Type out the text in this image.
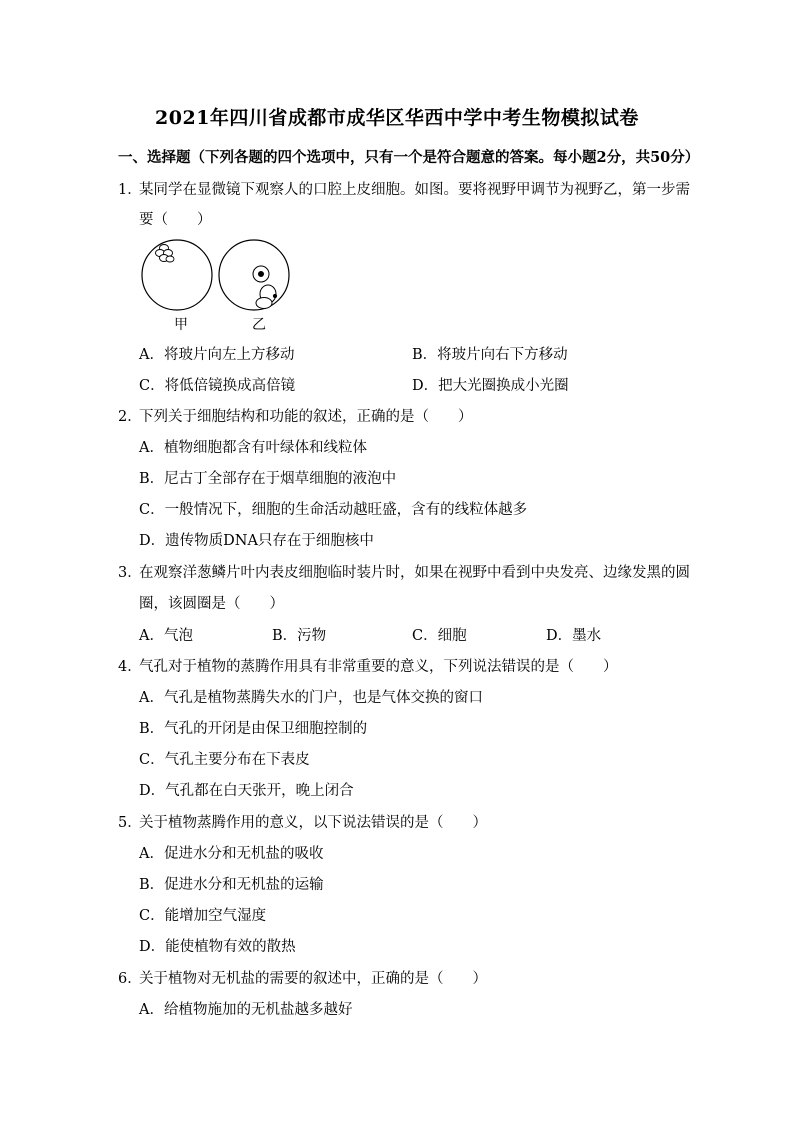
2021年四川省成都市成华区华西中学中考生物模拟试卷
一、选择题（下列各题的四个选项中，只有一个是符合题意的答案。每小题2分，共50分）
1．
某同学在显微镜下观察人的口腔上皮细胞。如图。要将视野甲调节为视野乙，第一步需
要（　　）
甲	乙
A．将玻片向左上方移动	B．将玻片向右下方移动
C．将低倍镜换成高倍镜	D．把大光圈换成小光圈
2．
下列关于细胞结构和功能的叙述，正确的是（　　）
A．植物细胞都含有叶绿体和线粒体
B．尼古丁全部存在于烟草细胞的液泡中
C．一般情况下，细胞的生命活动越旺盛，含有的线粒体越多
D．遗传物质DNA只存在于细胞核中
3．
在观察洋葱鳞片叶内表皮细胞临时装片时，如果在视野中看到中央发亮、边缘发黑的圆
圈，该圆圈是（　　）
A．气泡	B．污物	C．细胞	D．墨水
4．
气孔对于植物的蒸腾作用具有非常重要的意义，下列说法错误的是（　　）
A．气孔是植物蒸腾失水的门户，也是气体交换的窗口
B．气孔的开闭是由保卫细胞控制的
C．气孔主要分布在下表皮
D．气孔都在白天张开，晚上闭合
5．
关于植物蒸腾作用的意义，以下说法错误的是（　　）
A．促进水分和无机盐的吸收
B．促进水分和无机盐的运输
C．能增加空气湿度
D．能使植物有效的散热
6．
关于植物对无机盐的需要的叙述中，正确的是（　　）
A．给植物施加的无机盐越多越好
